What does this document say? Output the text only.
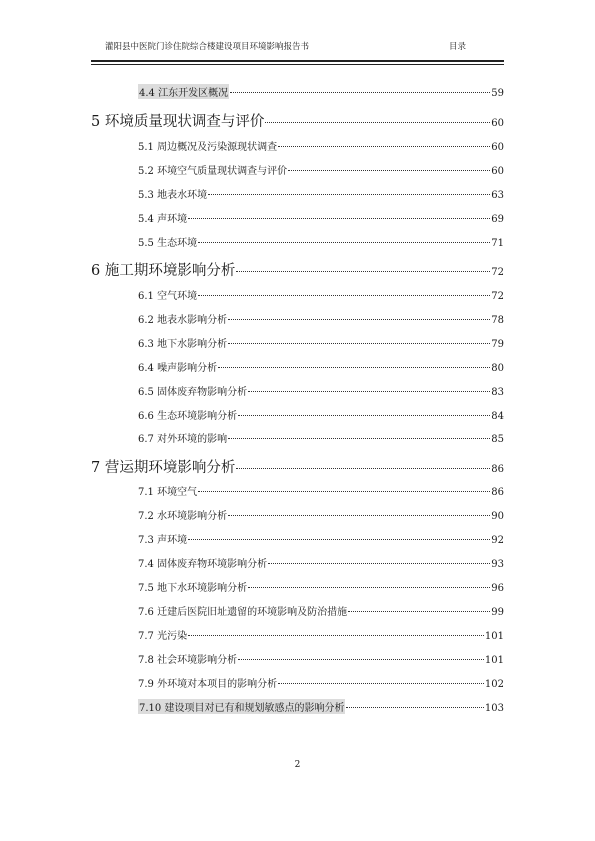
灌阳县中医院门诊住院综合楼建设项目环境影响报告书	目录
4.4 江东开发区概况	59
5 环境质量现状调查与评价	60
5.1 周边概况及污染源现状调查	60
5.2 环境空气质量现状调查与评价	60
5.3 地表水环境	63
5.4 声环境	69
5.5 生态环境	71
6 施工期环境影响分析	72
6.1 空气环境	72
6.2 地表水影响分析	78
6.3 地下水影响分析	79
6.4 噪声影响分析	80
6.5 固体废弃物影响分析	83
6.6 生态环境影响分析	84
6.7 对外环境的影响	85
7 营运期环境影响分析	86
7.1 环境空气	86
7.2 水环境影响分析	90
7.3 声环境	92
7.4 固体废弃物环境影响分析	93
7.5 地下水环境影响分析	96
7.6 迁建后医院旧址遗留的环境影响及防治措施	99
7.7 光污染	101
7.8 社会环境影响分析	101
7.9 外环境对本项目的影响分析	102
7.10 建设项目对已有和规划敏感点的影响分析	103
2
